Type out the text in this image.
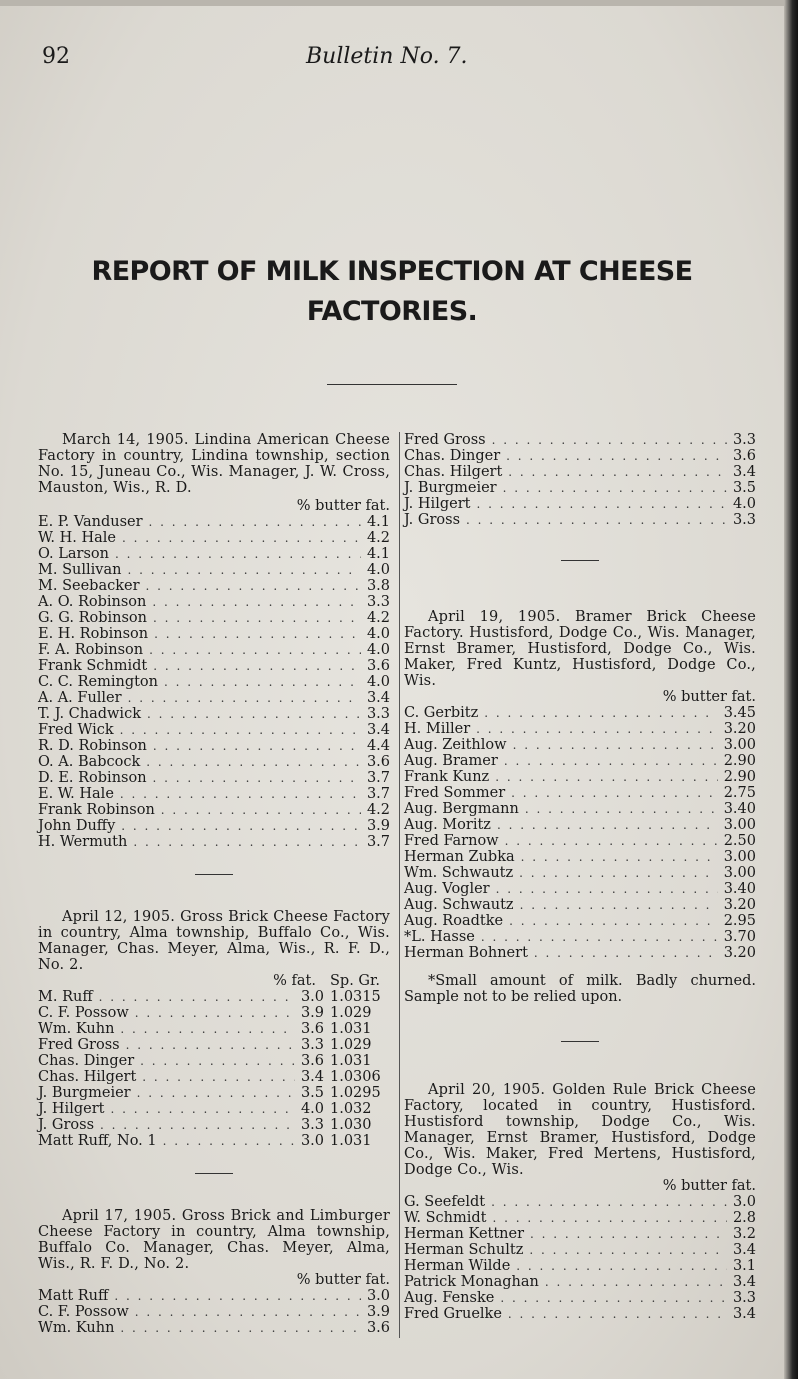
92	Bulletin No. 7.
REPORT OF MILK INSPECTION AT CHEESE
FACTORIES.

March 14, 1905. Lindina American Cheese Factory in country, Lindina township, section No. 15, Juneau Co., Wis. Manager, J. W. Cross, Mauston, Wis., R. D.

% butter fat.
E. P. Vanduser . . .	4.1
W. H. Hale . . .	4.2
O. Larson . . .	4.1
M. Sullivan . . .	4.0
M. Seebacker . . .	3.8
A. O. Robinson . . .	3.3
G. G. Robinson . . .	4.2
E. H. Robinson . . .	4.0
F. A. Robinson . . .	4.0
Frank Schmidt . . .	3.6
C. C. Remington . . .	4.0
A. A. Fuller . . .	3.4
T. J. Chadwick . . .	3.3
Fred Wick . . .	3.4
R. D. Robinson . . .	4.4
O. A. Babcock . . .	3.6
D. E. Robinson . . .	3.7
E. W. Hale . . .	3.7
Frank Robinson . . .	4.2
John Duffy . . .	3.9
H. Wermuth . . .	3.7

April 12, 1905. Gross Brick Cheese Factory in country, Alma township, Buffalo Co., Wis. Manager, Chas. Meyer, Alma, Wis., R. F. D., No. 2.

% fat. Sp. Gr.
M. Ruff . . .	3.0 1.0315
C. F. Possow . . .	3.9 1.029
Wm. Kuhn . . .	3.6 1.031
Fred Gross . . .	3.3 1.029
Chas. Dinger . . .	3.6 1.031
Chas. Hilgert . . .	3.4 1.0306
J. Burgmeier . . .	3.5 1.0295
J. Hilgert . . .	4.0 1.032
J. Gross . . .	3.3 1.030
Matt Ruff, No. 1 . . .	3.0 1.031

April 17, 1905. Gross Brick and Limburger Cheese Factory in country, Alma township, Buffalo Co. Manager, Chas. Meyer, Alma, Wis., R. F. D., No. 2.

% butter fat.
Matt Ruff . . .	3.0
C. F. Possow . . .	3.9
Wm. Kuhn . . .	3.6
Fred Gross . . .	3.3
Chas. Dinger . . .	3.6
Chas. Hilgert . . .	3.4
J. Burgmeier . . .	3.5
J. Hilgert . . .	4.0
J. Gross . . .	3.3

April 19, 1905. Bramer Brick Cheese Factory. Hustisford, Dodge Co., Wis. Manager, Ernst Bramer, Hustisford, Dodge Co., Wis. Maker, Fred Kuntz, Hustisford, Dodge Co., Wis.

% butter fat.
C. Gerbitz . . .	3.45
H. Miller . . .	3.20
Aug. Zeithlow . . .	3.00
Aug. Bramer . . .	2.90
Frank Kunz . . .	2.90
Fred Sommer . . .	2.75
Aug. Bergmann . . .	3.40
Aug. Moritz . . .	3.00
Fred Farnow . . .	2.50
Herman Zubka . . .	3.00
Wm. Schwautz . . .	3.00
Aug. Vogler . . .	3.40
Aug. Schwautz . . .	3.20
Aug. Roadtke . . .	2.95
*L. Hasse . . .	3.70
Herman Bohnert . . .	3.20

*Small amount of milk. Badly churned. Sample not to be relied upon.

April 20, 1905. Golden Rule Brick Cheese Factory, located in country, Hustisford. Hustisford township, Dodge Co., Wis. Manager, Ernst Bramer, Hustisford, Dodge Co., Wis. Maker, Fred Mertens, Hustisford, Dodge Co., Wis.

% butter fat.
G. Seefeldt . . .	3.0
W. Schmidt . . .	2.8
Herman Kettner . . .	3.2
Herman Schultz . . .	3.4
Herman Wilde . . .	3.1
Patrick Monaghan . . .	3.4
Aug. Fenske . . .	3.3
Fred Gruelke . . .	3.4
